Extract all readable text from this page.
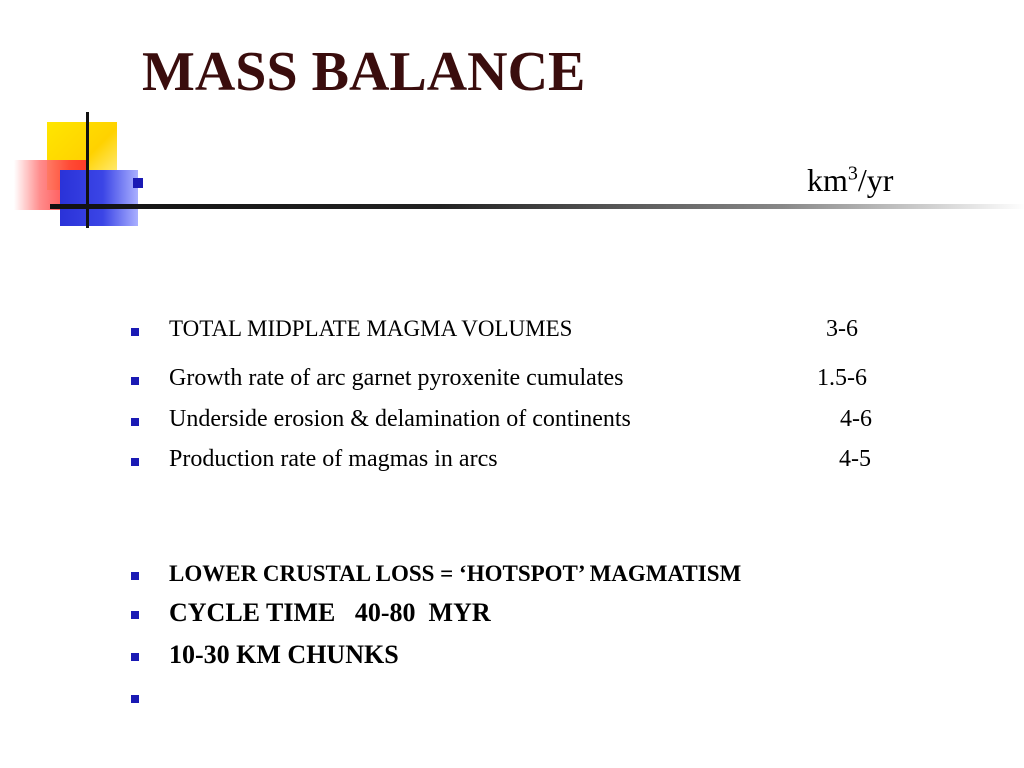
MASS BALANCE
$km^3/yr$
TOTAL MIDPLATE MAGMA VOLUMES	3-6
Growth rate of arc garnet pyroxenite cumulates	1.5-6
Underside erosion & delamination of continents	4-6
Production rate of magmas in arcs	4-5
LOWER CRUSTAL LOSS = ‘HOTSPOT’ MAGMATISM
CYCLE TIME   40-80  MYR
10-30 KM CHUNKS
